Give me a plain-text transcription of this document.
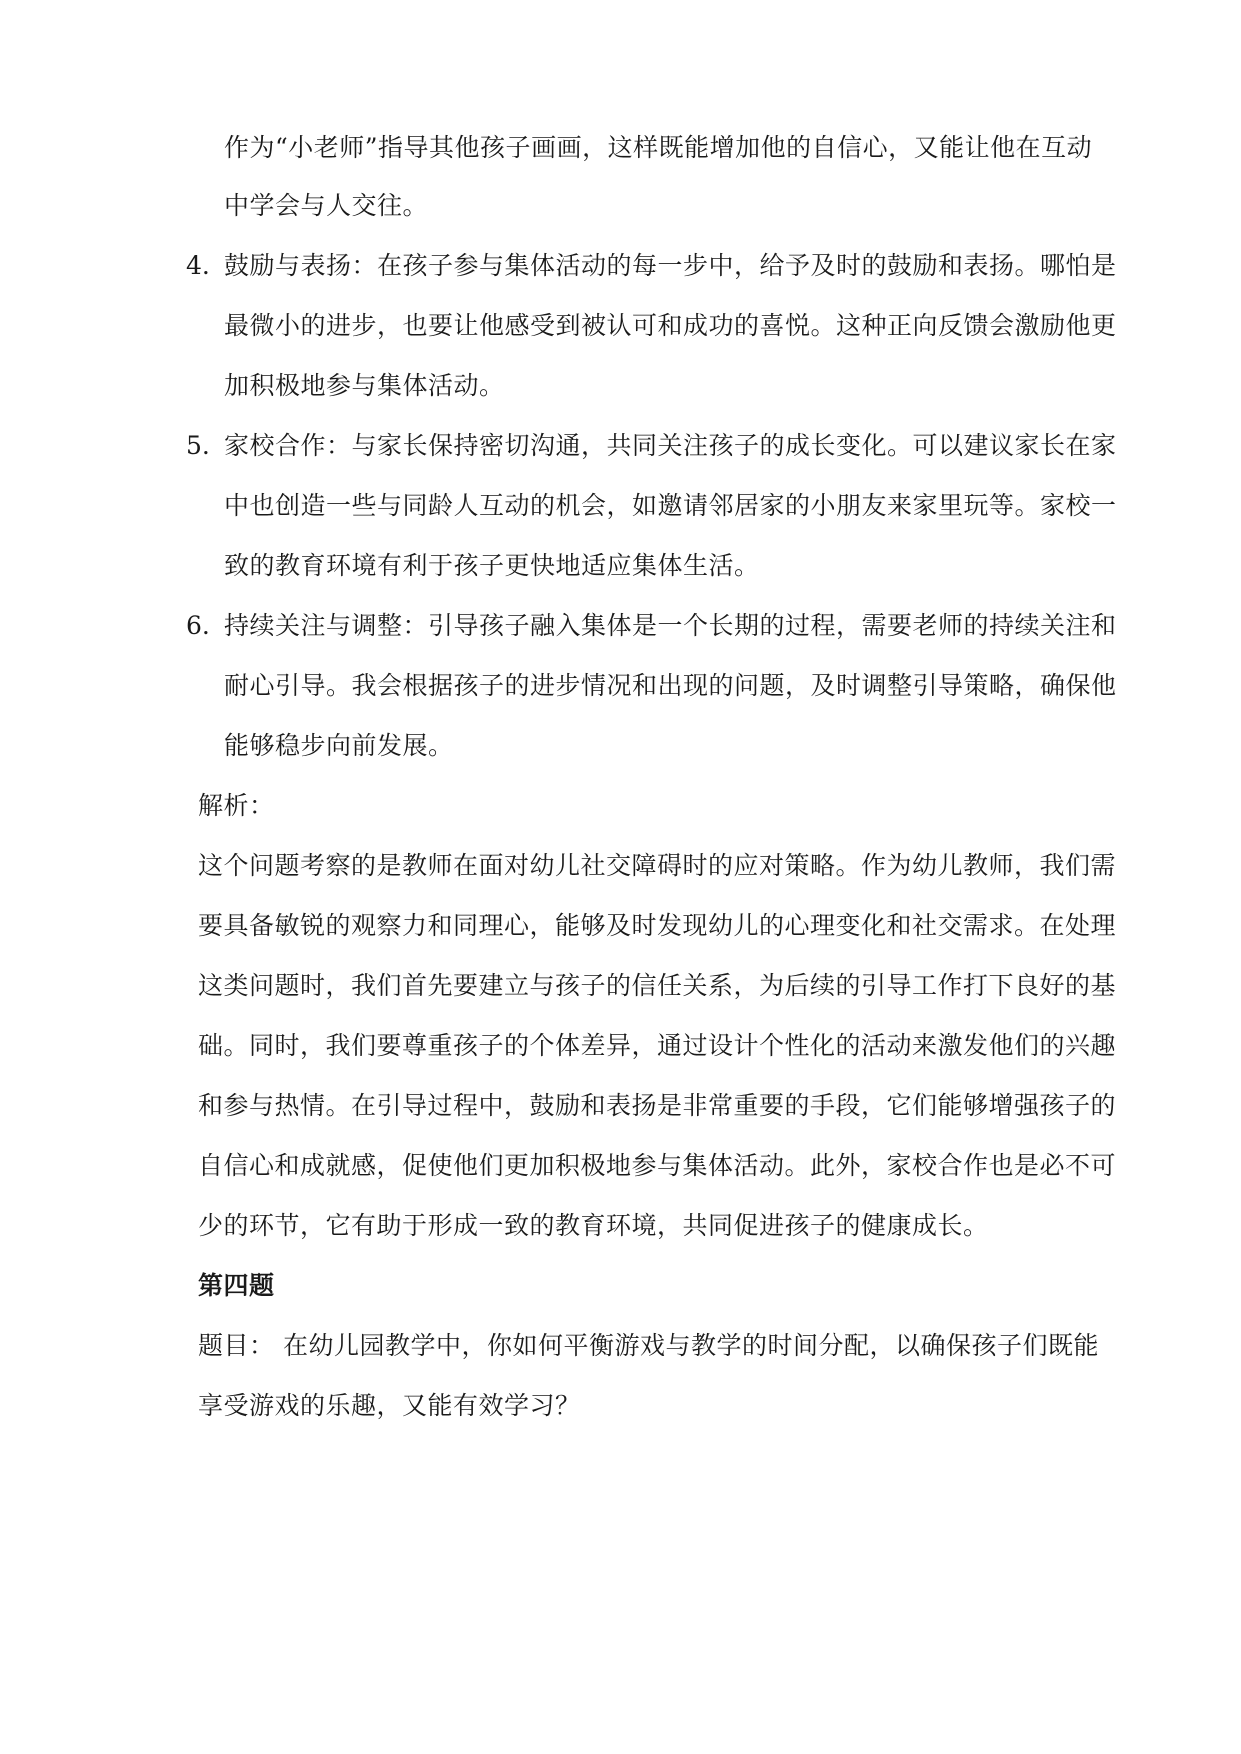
作为“小老师”指导其他孩子画画，这样既能增加他的自信心，又能让他在互动
中学会与人交往。
4. 鼓励与表扬：在孩子参与集体活动的每一步中，给予及时的鼓励和表扬。哪怕是
最微小的进步，也要让他感受到被认可和成功的喜悦。这种正向反馈会激励他更
加积极地参与集体活动。
5. 家校合作：与家长保持密切沟通，共同关注孩子的成长变化。可以建议家长在家
中也创造一些与同龄人互动的机会，如邀请邻居家的小朋友来家里玩等。家校一
致的教育环境有利于孩子更快地适应集体生活。
6. 持续关注与调整：引导孩子融入集体是一个长期的过程，需要老师的持续关注和
耐心引导。我会根据孩子的进步情况和出现的问题，及时调整引导策略，确保他
能够稳步向前发展。
解析：
这个问题考察的是教师在面对幼儿社交障碍时的应对策略。作为幼儿教师，我们需
要具备敏锐的观察力和同理心，能够及时发现幼儿的心理变化和社交需求。在处理
这类问题时，我们首先要建立与孩子的信任关系，为后续的引导工作打下良好的基
础。同时，我们要尊重孩子的个体差异，通过设计个性化的活动来激发他们的兴趣
和参与热情。在引导过程中，鼓励和表扬是非常重要的手段，它们能够增强孩子的
自信心和成就感，促使他们更加积极地参与集体活动。此外，家校合作也是必不可
少的环节，它有助于形成一致的教育环境，共同促进孩子的健康成长。
第四题
题目： 在幼儿园教学中，你如何平衡游戏与教学的时间分配，以确保孩子们既能
享受游戏的乐趣，又能有效学习？
